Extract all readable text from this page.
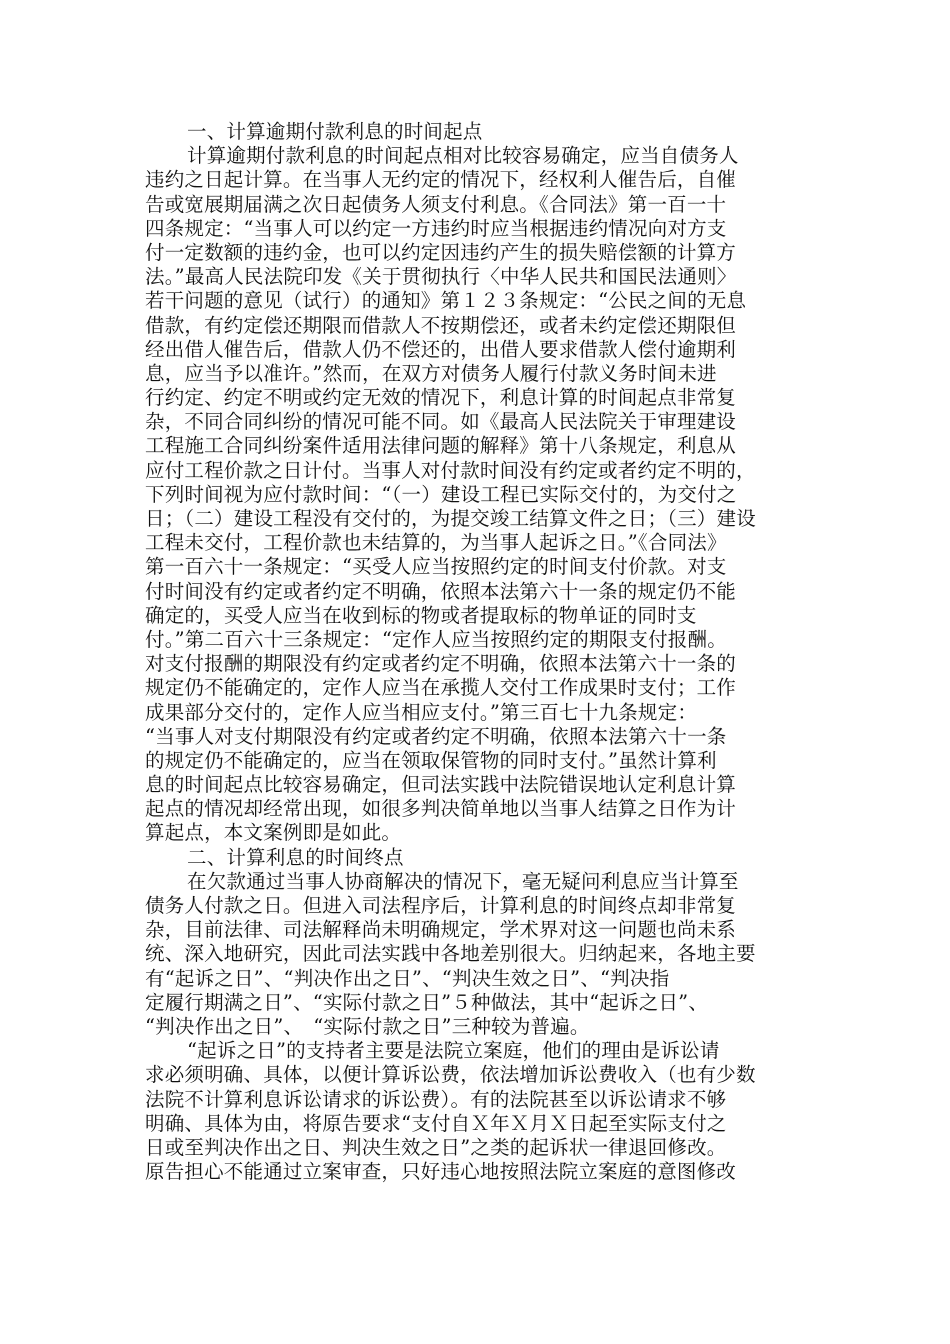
一、计算逾期付款利息的时间起点
计算逾期付款利息的时间起点相对比较容易确定，应当自债务人
违约之日起计算。在当事人无约定的情况下，经权利人催告后，自催
告或宽展期届满之次日起债务人须支付利息。《合同法》第一百一十
四条规定：“当事人可以约定一方违约时应当根据违约情况向对方支
付一定数额的违约金，也可以约定因违约产生的损失赔偿额的计算方
法。”最高人民法院印发《关于贯彻执行〈中华人民共和国民法通则〉
若干问题的意见（试行）的通知》第１２３条规定：“公民之间的无息
借款，有约定偿还期限而借款人不按期偿还，或者未约定偿还期限但
经出借人催告后，借款人仍不偿还的，出借人要求借款人偿付逾期利
息，应当予以准许。”然而，在双方对债务人履行付款义务时间未进
行约定、约定不明或约定无效的情况下，利息计算的时间起点非常复
杂，不同合同纠纷的情况可能不同。如《最高人民法院关于审理建设
工程施工合同纠纷案件适用法律问题的解释》第十八条规定，利息从
应付工程价款之日计付。当事人对付款时间没有约定或者约定不明的，
下列时间视为应付款时间：“（一）建设工程已实际交付的，为交付之
日；（二）建设工程没有交付的，为提交竣工结算文件之日；（三）建设
工程未交付，工程价款也未结算的，为当事人起诉之日。”《合同法》
第一百六十一条规定：“买受人应当按照约定的时间支付价款。对支
付时间没有约定或者约定不明确，依照本法第六十一条的规定仍不能
确定的，买受人应当在收到标的物或者提取标的物单证的同时支
付。”第二百六十三条规定：“定作人应当按照约定的期限支付报酬。
对支付报酬的期限没有约定或者约定不明确，依照本法第六十一条的
规定仍不能确定的，定作人应当在承揽人交付工作成果时支付；工作
成果部分交付的，定作人应当相应支付。”第三百七十九条规定：
“当事人对支付期限没有约定或者约定不明确，依照本法第六十一条
的规定仍不能确定的，应当在领取保管物的同时支付。”虽然计算利
息的时间起点比较容易确定，但司法实践中法院错误地认定利息计算
起点的情况却经常出现，如很多判决简单地以当事人结算之日作为计
算起点，本文案例即是如此。
二、计算利息的时间终点
在欠款通过当事人协商解决的情况下，毫无疑问利息应当计算至
债务人付款之日。但进入司法程序后，计算利息的时间终点却非常复
杂，目前法律、司法解释尚未明确规定，学术界对这一问题也尚未系
统、深入地研究，因此司法实践中各地差别很大。归纳起来，各地主要
有“起诉之日”、“判决作出之日”、“判决生效之日”、“判决指
定履行期满之日”、“实际付款之日”５种做法，其中“起诉之日”、
“判决作出之日”、　“实际付款之日”三种较为普遍。
“起诉之日”的支持者主要是法院立案庭，他们的理由是诉讼请
求必须明确、具体，以便计算诉讼费，依法增加诉讼费收入（也有少数
法院不计算利息诉讼请求的诉讼费）。有的法院甚至以诉讼请求不够
明确、具体为由，将原告要求“支付自Ｘ年Ｘ月Ｘ日起至实际支付之
日或至判决作出之日、判决生效之日”之类的起诉状一律退回修改。
原告担心不能通过立案审查，只好违心地按照法院立案庭的意图修改
